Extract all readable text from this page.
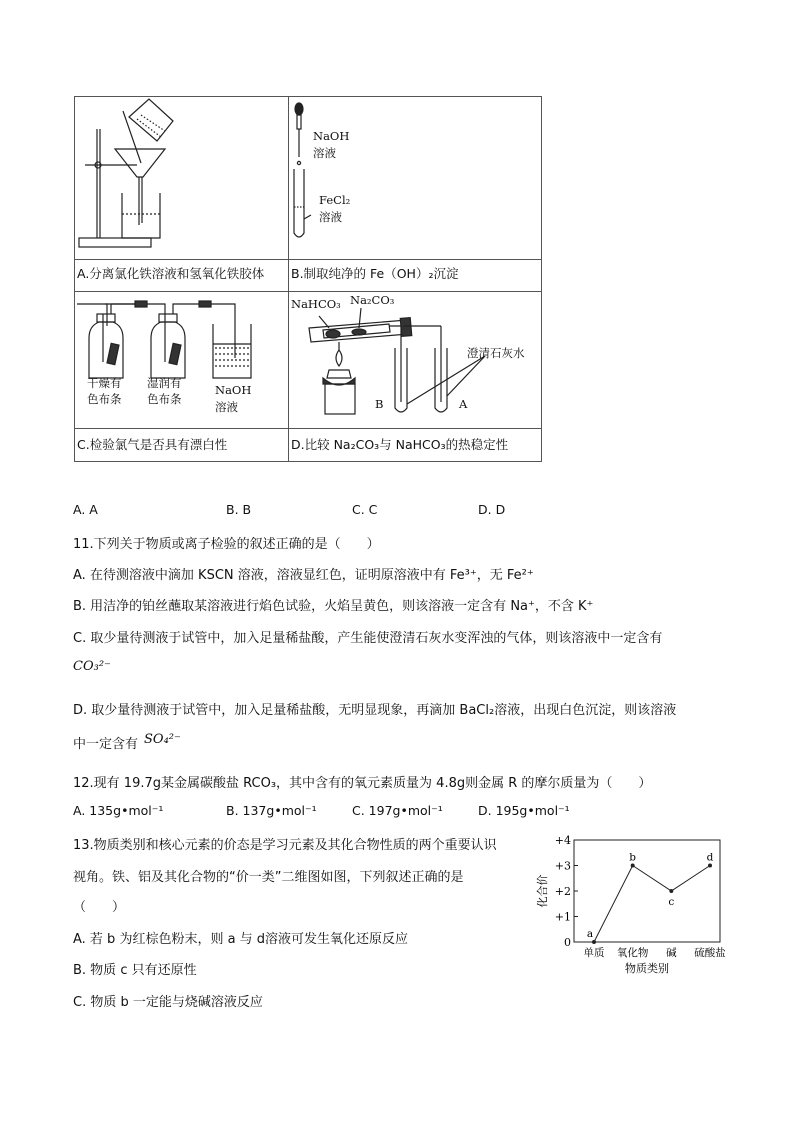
NaOH
溶液
FeCl₂
溶液
A.分离氯化铁溶液和氢氧化铁胶体 B.制取纯净的 Fe（OH）₂沉淀
干燥有
色布条
湿润有
色布条
NaOH
溶液
NaHCO₃ Na₂CO₃
澄清石灰水
B	A
C.检验氯气是否具有漂白性	D.比较 Na₂CO₃与 NaHCO₃的热稳定性
A. A	B. B	C. C	D. D
11.下列关于物质或离子检验的叙述正确的是（　　）
A. 在待测溶液中滴加 KSCN 溶液，溶液显红色，证明原溶液中有 Fe³⁺，无 Fe²⁺
B. 用洁净的铂丝蘸取某溶液进行焰色试验，火焰呈黄色，则该溶液一定含有 Na⁺，不含 K⁺
C. 取少量待测液于试管中，加入足量稀盐酸，产生能使澄清石灰水变浑浊的气体，则该溶液中一定含有
CO₃²⁻
D. 取少量待测液于试管中，加入足量稀盐酸，无明显现象，再滴加 BaCl₂溶液，出现白色沉淀，则该溶液
中一定含有 SO₄²⁻
12.现有 19.7g某金属碳酸盐 RCO₃，其中含有的氧元素质量为 4.8g则金属 R 的摩尔质量为（　　）
A. 135g•mol⁻¹	B. 137g•mol⁻¹	C. 197g•mol⁻¹	D. 195g•mol⁻¹
13.物质类别和核心元素的价态是学习元素及其化合物性质的两个重要认识
视角。铁、铝及其化合物的“价一类”二维图如图，下列叙述正确的是
（　　）
A. 若 b 为红棕色粉末，则 a 与 d溶液可发生氧化还原反应
B. 物质 c 只有还原性
C. 物质 b 一定能与烧碱溶液反应
0
+1
+2
+3
+4
单质 氧化物 碱 硫酸盐
a
b
c
d
化合价
物质类别
